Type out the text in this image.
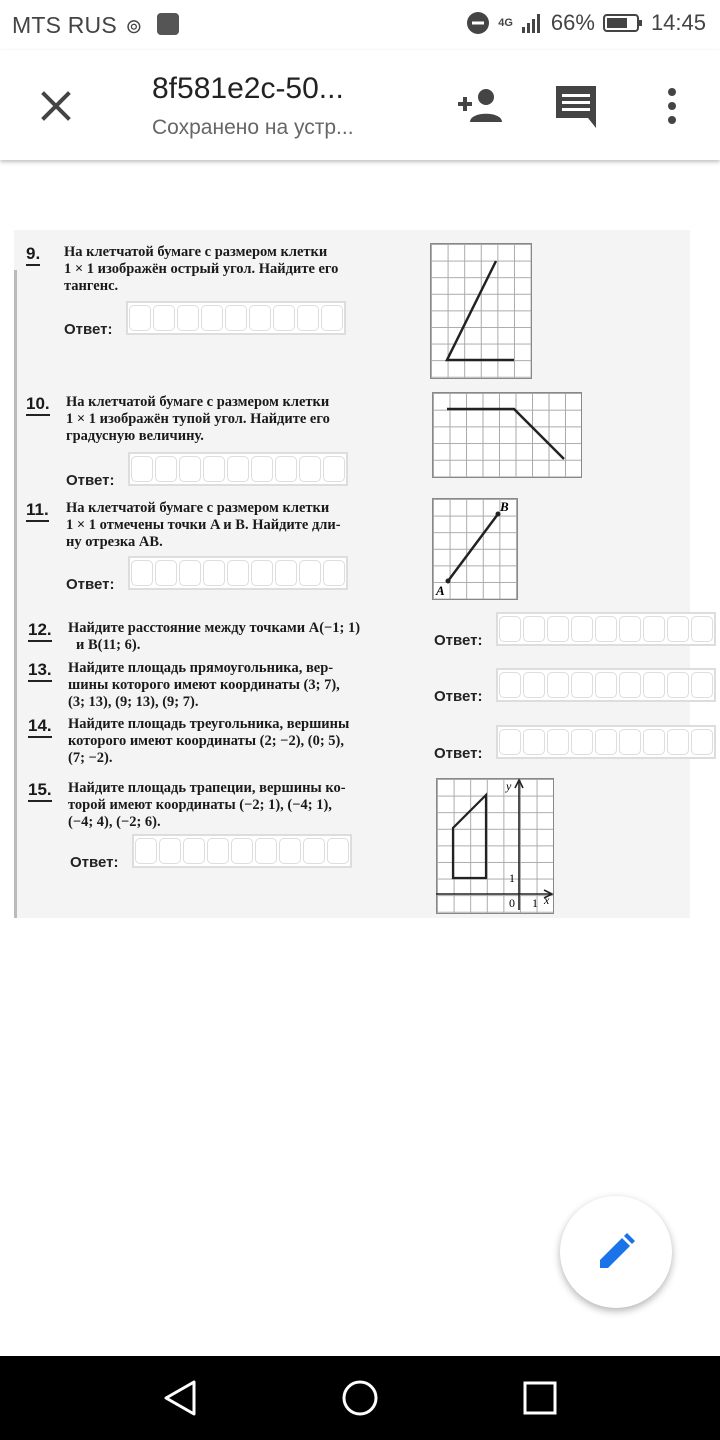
MTS RUS ⊚	4G 66%	14:45
8f581e2c-50...
Сохранено на устр...
9. На клетчатой бумаге с размером клетки
1 × 1 изображён острый угол. Найдите его
тангенс.
Ответ:
10. На клетчатой бумаге с размером клетки
1 × 1 изображён тупой угол. Найдите его
градусную величину.
Ответ:
11. На клетчатой бумаге с размером клетки
1 × 1 отмечены точки A и B. Найдите дли-
ну отрезка AB.
Ответ:	A
B
12. Найдите расстояние между точками A(−1; 1)
и B(11; 6).	Ответ:
13. Найдите площадь прямоугольника, вер-
шины которого имеют координаты (3; 7),
(3; 13), (9; 13), (9; 7).	Ответ:
14. Найдите площадь треугольника, вершины
которого имеют координаты (2; −2), (0; 5),
(7; −2).	Ответ:
15. Найдите площадь трапеции, вершины ко-
торой имеют координаты (−2; 1), (−4; 1),
(−4; 4), (−2; 6).
Ответ:
y
x
0 1
1
